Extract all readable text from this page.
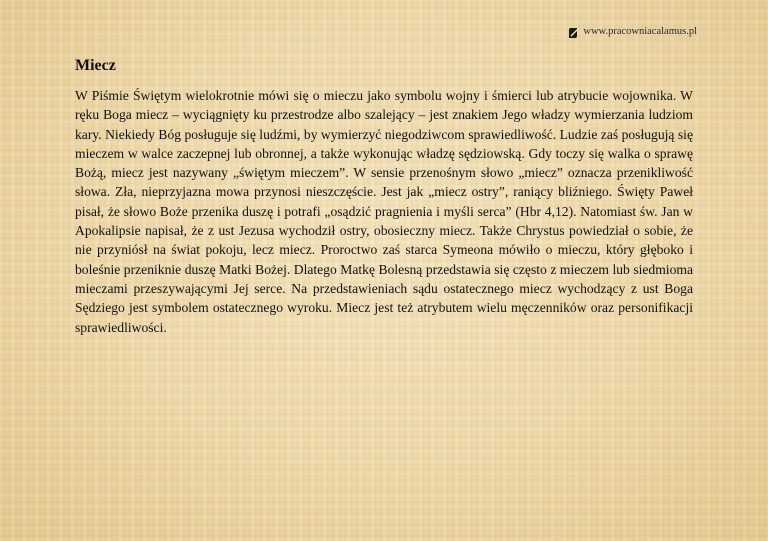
www.pracowniacalamus.pl
Miecz

W Piśmie Świętym wielokrotnie mówi się o mieczu jako symbolu wojny i śmierci lub atrybucie wojownika. W ręku Boga miecz – wyciągnięty ku przestrodze albo szalejący – jest znakiem Jego władzy wymierzania ludziom kary. Niekiedy Bóg posługuje się ludźmi, by wymierzyć niegodziwcom sprawiedliwość. Ludzie zaś posługują się mieczem w walce zaczepnej lub obronnej, a także wykonując władzę sędziowską. Gdy toczy się walka o sprawę Bożą, miecz jest nazywany „świętym mieczem”. W sensie przenośnym słowo „miecz” oznacza przenikliwość słowa. Zła, nieprzyjazna mowa przynosi nieszczęście. Jest jak „miecz ostry”, raniący bliźniego. Święty Paweł pisał, że słowo Boże przenika duszę i potrafi „osądzić pragnienia i myśli serca” (Hbr 4,12). Natomiast św. Jan w Apokalipsie napisał, że z ust Jezusa wychodził ostry, obosieczny miecz. Także Chrystus powiedział o sobie, że nie przyniósł na świat pokoju, lecz miecz. Proroctwo zaś starca Symeona mówiło o mieczu, który głęboko i boleśnie przeniknie duszę Matki Bożej. Dlatego Matkę Bolesną przedstawia się często z mieczem lub siedmioma mieczami przeszywającymi Jej serce. Na przedstawieniach sądu ostatecznego miecz wychodzący z ust Boga Sędziego jest symbolem ostatecznego wyroku. Miecz jest też atrybutem wielu męczenników oraz personifikacji sprawiedliwości.
